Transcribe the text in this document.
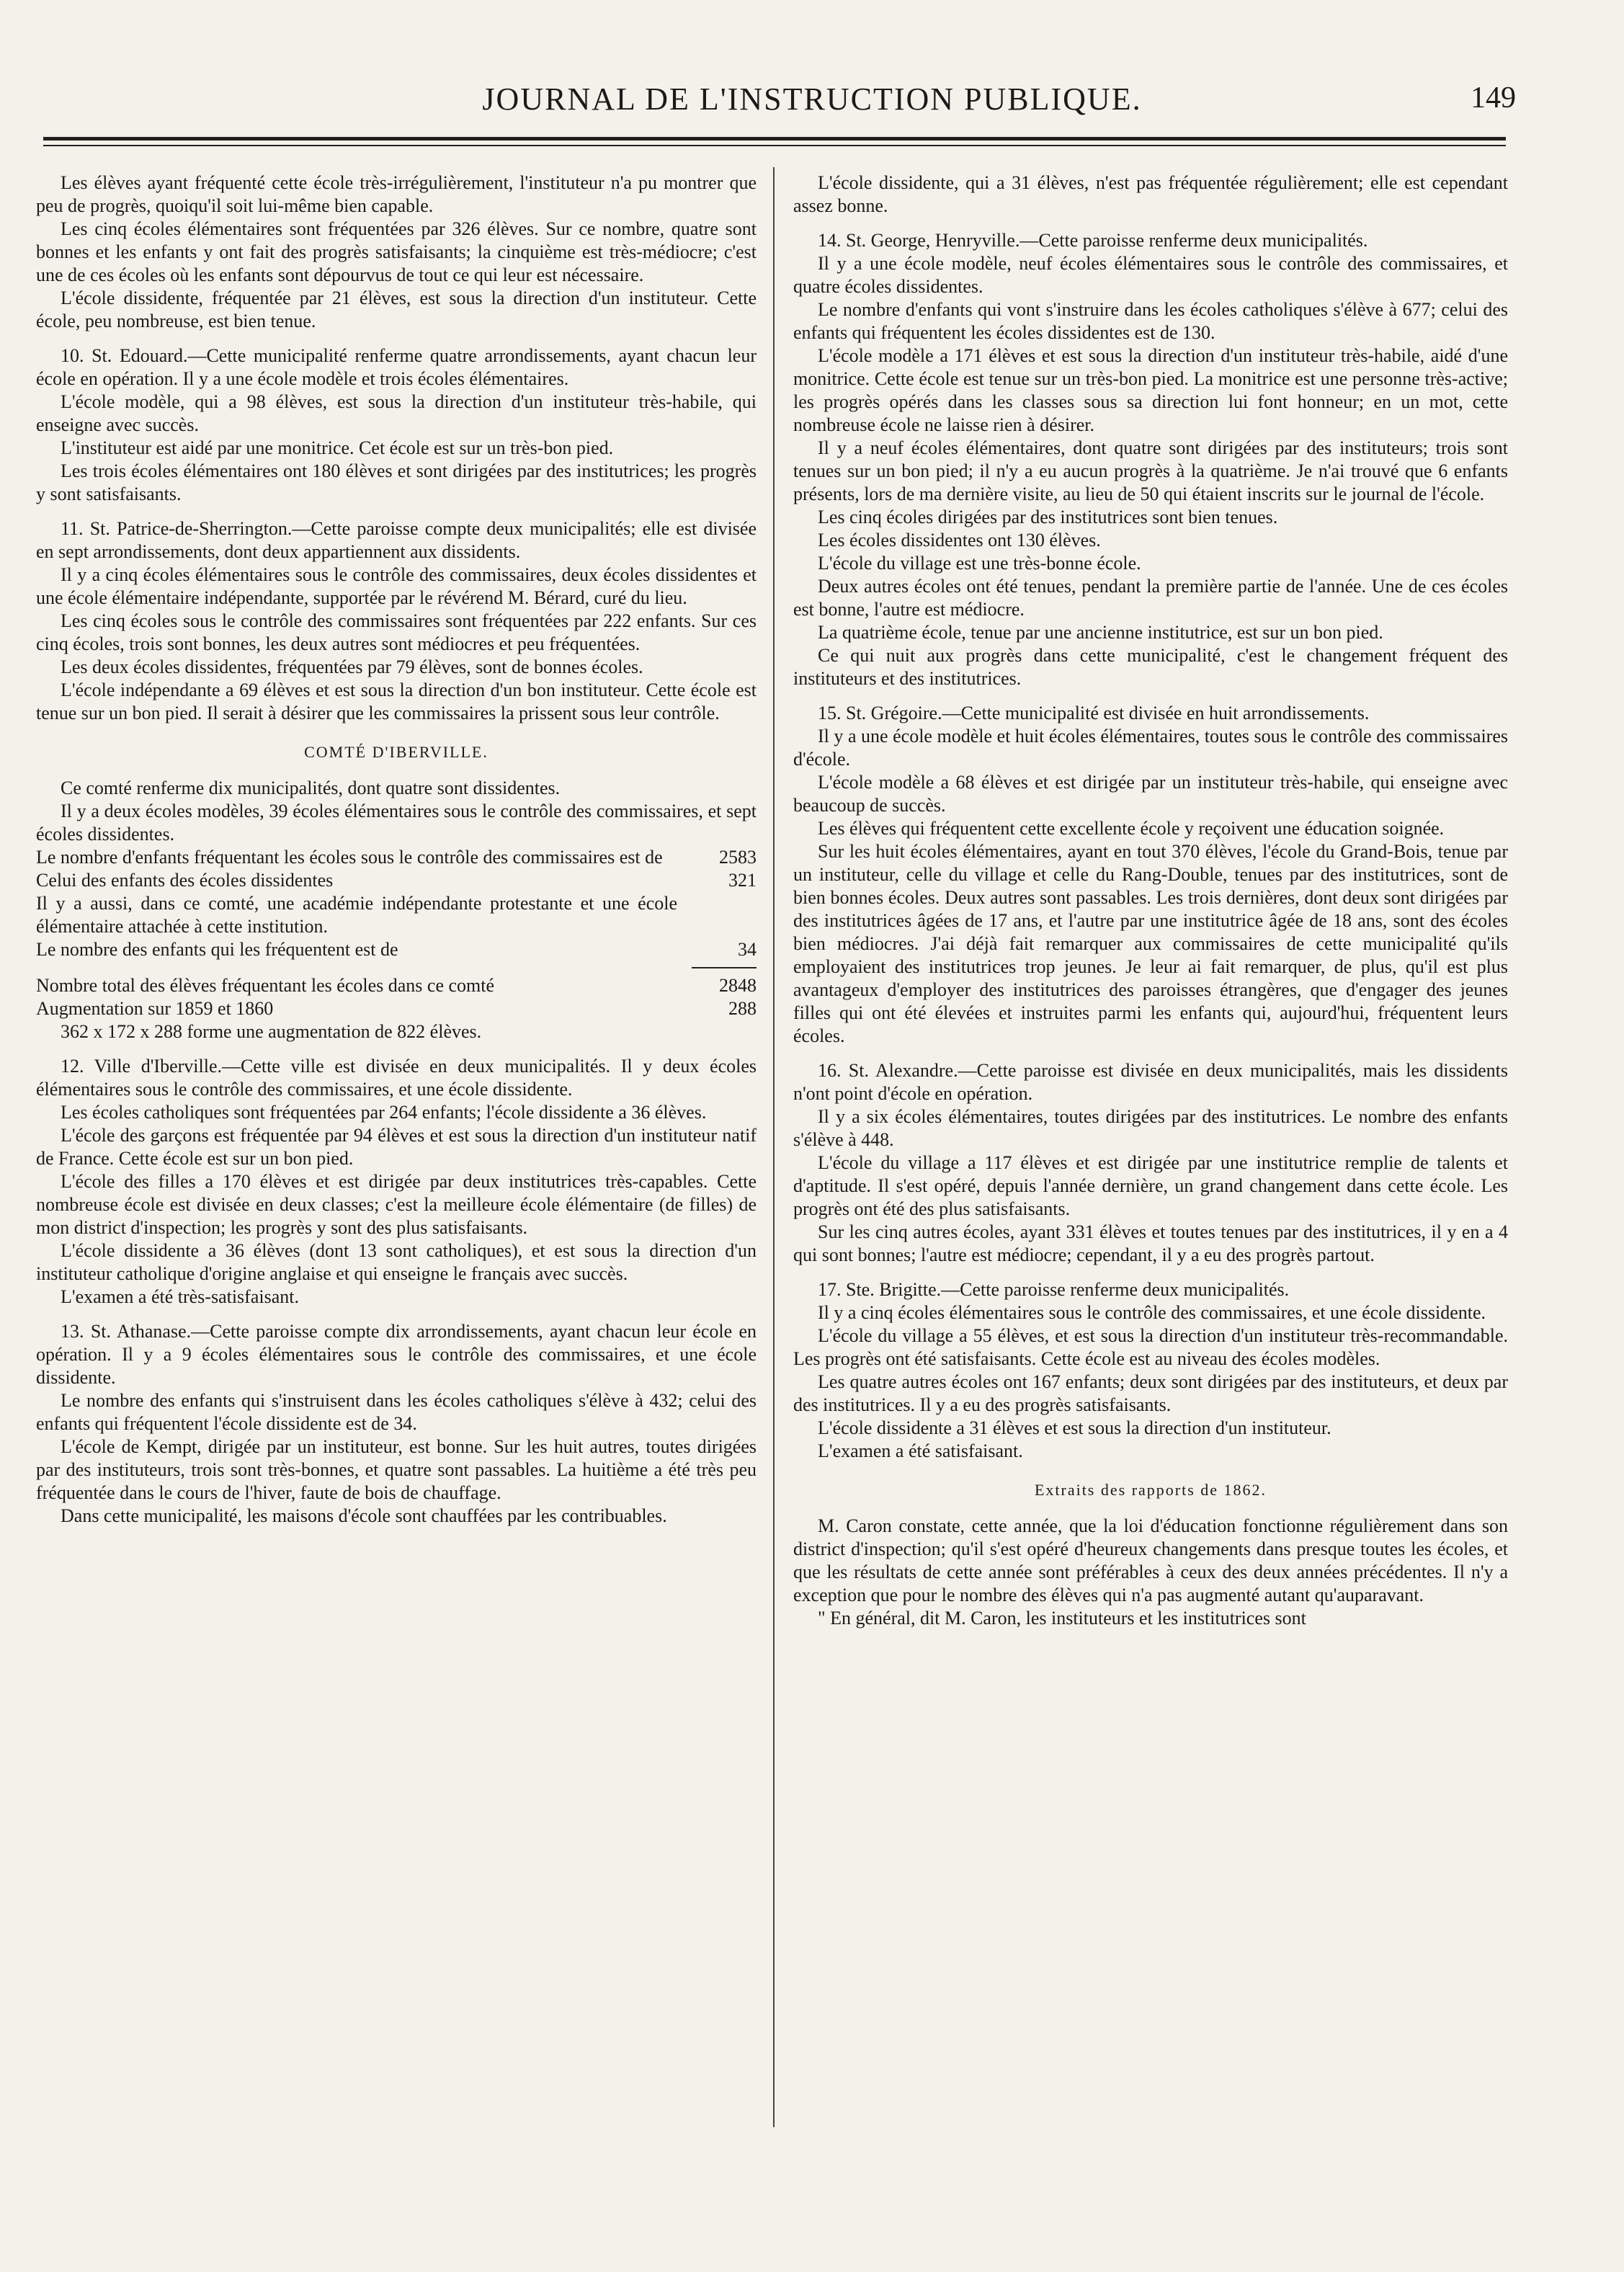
JOURNAL DE L'INSTRUCTION PUBLIQUE.	149

Les élèves ayant fréquenté cette école très-irrégulièrement, l'instituteur n'a pu montrer que peu de progrès, quoiqu'il soit lui-même bien capable.

Les cinq écoles élémentaires sont fréquentées par 326 élèves. Sur ce nombre, quatre sont bonnes et les enfants y ont fait des progrès satisfaisants; la cinquième est très-médiocre; c'est une de ces écoles où les enfants sont dépourvus de tout ce qui leur est nécessaire.

L'école dissidente, fréquentée par 21 élèves, est sous la direction d'un instituteur. Cette école, peu nombreuse, est bien tenue.

10. St. Edouard.—Cette municipalité renferme quatre arrondissements, ayant chacun leur école en opération. Il y a une école modèle et trois écoles élémentaires.

L'école modèle, qui a 98 élèves, est sous la direction d'un instituteur très-habile, qui enseigne avec succès.

L'instituteur est aidé par une monitrice. Cet école est sur un très-bon pied.

Les trois écoles élémentaires ont 180 élèves et sont dirigées par des institutrices; les progrès y sont satisfaisants.

11. St. Patrice-de-Sherrington.—Cette paroisse compte deux municipalités; elle est divisée en sept arrondissements, dont deux appartiennent aux dissidents.

Il y a cinq écoles élémentaires sous le contrôle des commissaires, deux écoles dissidentes et une école élémentaire indépendante, supportée par le révérend M. Bérard, curé du lieu.

Les cinq écoles sous le contrôle des commissaires sont fréquentées par 222 enfants. Sur ces cinq écoles, trois sont bonnes, les deux autres sont médiocres et peu fréquentées.

Les deux écoles dissidentes, fréquentées par 79 élèves, sont de bonnes écoles.

L'école indépendante a 69 élèves et est sous la direction d'un bon instituteur. Cette école est tenue sur un bon pied. Il serait à désirer que les commissaires la prissent sous leur contrôle.

COMTÉ D'IBERVILLE.

Ce comté renferme dix municipalités, dont quatre sont dissidentes.

Il y a deux écoles modèles, 39 écoles élémentaires sous le contrôle des commissaires, et sept écoles dissidentes.

Le nombre d'enfants fréquentant les écoles sous le contrôle des commissaires est de	2583
Celui des enfants des écoles dissidentes	321
Il y a aussi, dans ce comté, une académie indépendante protestante et une école élémentaire attachée à cette institution.
Le nombre des enfants qui les fréquentent est de	34
Nombre total des élèves fréquentant les écoles dans ce comté	2848
Augmentation sur 1859 et 1860	288

362 x 172 x 288 forme une augmentation de 822 élèves.

12. Ville d'Iberville.—Cette ville est divisée en deux municipalités. Il y deux écoles élémentaires sous le contrôle des commissaires, et une école dissidente.

Les écoles catholiques sont fréquentées par 264 enfants; l'école dissidente a 36 élèves.

L'école des garçons est fréquentée par 94 élèves et est sous la direction d'un instituteur natif de France. Cette école est sur un bon pied.

L'école des filles a 170 élèves et est dirigée par deux institutrices très-capables. Cette nombreuse école est divisée en deux classes; c'est la meilleure école élémentaire (de filles) de mon district d'inspection; les progrès y sont des plus satisfaisants.

L'école dissidente a 36 élèves (dont 13 sont catholiques), et est sous la direction d'un instituteur catholique d'origine anglaise et qui enseigne le français avec succès.

L'examen a été très-satisfaisant.

13. St. Athanase.—Cette paroisse compte dix arrondissements, ayant chacun leur école en opération. Il y a 9 écoles élémentaires sous le contrôle des commissaires, et une école dissidente.

Le nombre des enfants qui s'instruisent dans les écoles catholiques s'élève à 432; celui des enfants qui fréquentent l'école dissidente est de 34.

L'école de Kempt, dirigée par un instituteur, est bonne. Sur les huit autres, toutes dirigées par des instituteurs, trois sont très-bonnes, et quatre sont passables. La huitième a été très peu fréquentée dans le cours de l'hiver, faute de bois de chauffage.

Dans cette municipalité, les maisons d'école sont chauffées par les contribuables.

L'école dissidente, qui a 31 élèves, n'est pas fréquentée régulièrement; elle est cependant assez bonne.

14. St. George, Henryville.—Cette paroisse renferme deux municipalités.

Il y a une école modèle, neuf écoles élémentaires sous le contrôle des commissaires, et quatre écoles dissidentes.

Le nombre d'enfants qui vont s'instruire dans les écoles catholiques s'élève à 677; celui des enfants qui fréquentent les écoles dissidentes est de 130.

L'école modèle a 171 élèves et est sous la direction d'un instituteur très-habile, aidé d'une monitrice. Cette école est tenue sur un très-bon pied. La monitrice est une personne très-active; les progrès opérés dans les classes sous sa direction lui font honneur; en un mot, cette nombreuse école ne laisse rien à désirer.

Il y a neuf écoles élémentaires, dont quatre sont dirigées par des instituteurs; trois sont tenues sur un bon pied; il n'y a eu aucun progrès à la quatrième. Je n'ai trouvé que 6 enfants présents, lors de ma dernière visite, au lieu de 50 qui étaient inscrits sur le journal de l'école.

Les cinq écoles dirigées par des institutrices sont bien tenues.

Les écoles dissidentes ont 130 élèves.

L'école du village est une très-bonne école.

Deux autres écoles ont été tenues, pendant la première partie de l'année. Une de ces écoles est bonne, l'autre est médiocre.

La quatrième école, tenue par une ancienne institutrice, est sur un bon pied.

Ce qui nuit aux progrès dans cette municipalité, c'est le changement fréquent des instituteurs et des institutrices.

15. St. Grégoire.—Cette municipalité est divisée en huit arrondissements.

Il y a une école modèle et huit écoles élémentaires, toutes sous le contrôle des commissaires d'école.

L'école modèle a 68 élèves et est dirigée par un instituteur très-habile, qui enseigne avec beaucoup de succès.

Les élèves qui fréquentent cette excellente école y reçoivent une éducation soignée.

Sur les huit écoles élémentaires, ayant en tout 370 élèves, l'école du Grand-Bois, tenue par un instituteur, celle du village et celle du Rang-Double, tenues par des institutrices, sont de bien bonnes écoles. Deux autres sont passables. Les trois dernières, dont deux sont dirigées par des institutrices âgées de 17 ans, et l'autre par une institutrice âgée de 18 ans, sont des écoles bien médiocres. J'ai déjà fait remarquer aux commissaires de cette municipalité qu'ils employaient des institutrices trop jeunes. Je leur ai fait remarquer, de plus, qu'il est plus avantageux d'employer des institutrices des paroisses étrangères, que d'engager des jeunes filles qui ont été élevées et instruites parmi les enfants qui, aujourd'hui, fréquentent leurs écoles.

16. St. Alexandre.—Cette paroisse est divisée en deux municipalités, mais les dissidents n'ont point d'école en opération.

Il y a six écoles élémentaires, toutes dirigées par des institutrices. Le nombre des enfants s'élève à 448.

L'école du village a 117 élèves et est dirigée par une institutrice remplie de talents et d'aptitude. Il s'est opéré, depuis l'année dernière, un grand changement dans cette école. Les progrès ont été des plus satisfaisants.

Sur les cinq autres écoles, ayant 331 élèves et toutes tenues par des institutrices, il y en a 4 qui sont bonnes; l'autre est médiocre; cependant, il y a eu des progrès partout.

17. Ste. Brigitte.—Cette paroisse renferme deux municipalités.

Il y a cinq écoles élémentaires sous le contrôle des commissaires, et une école dissidente.

L'école du village a 55 élèves, et est sous la direction d'un instituteur très-recommandable. Les progrès ont été satisfaisants. Cette école est au niveau des écoles modèles.

Les quatre autres écoles ont 167 enfants; deux sont dirigées par des instituteurs, et deux par des institutrices. Il y a eu des progrès satisfaisants.

L'école dissidente a 31 élèves et est sous la direction d'un instituteur.

L'examen a été satisfaisant.

Extraits des rapports de 1862.

M. Caron constate, cette année, que la loi d'éducation fonctionne régulièrement dans son district d'inspection; qu'il s'est opéré d'heureux changements dans presque toutes les écoles, et que les résultats de cette année sont préférables à ceux des deux années précédentes. Il n'y a exception que pour le nombre des élèves qui n'a pas augmenté autant qu'auparavant.

" En général, dit M. Caron, les instituteurs et les institutrices sont
